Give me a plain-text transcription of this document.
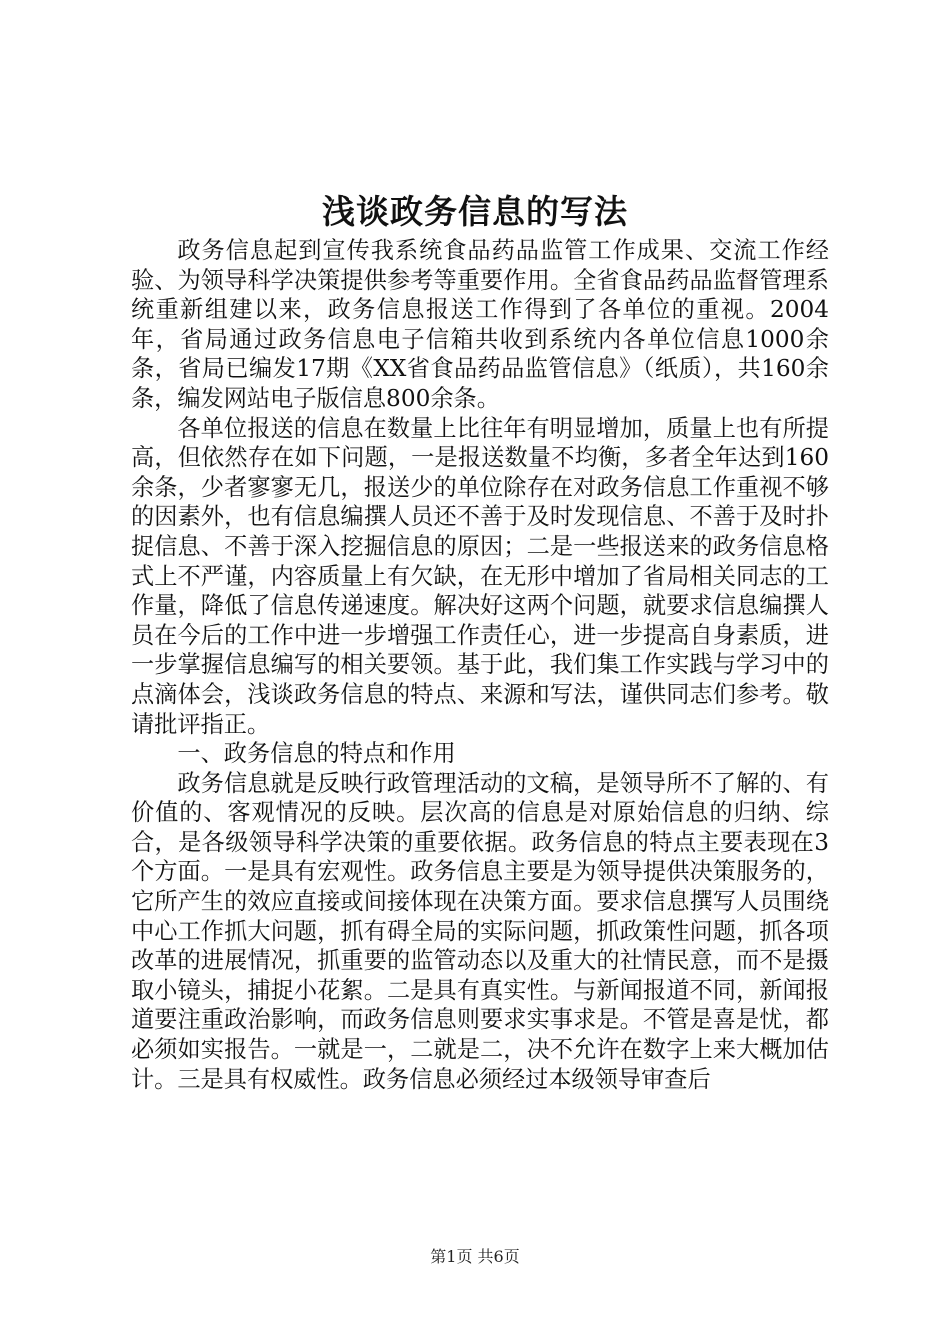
浅谈政务信息的写法

政务信息起到宣传我系统食品药品监管工作成果、交流工作经验、为领导科学决策提供参考等重要作用。全省食品药品监督管理系统重新组建以来，政务信息报送工作得到了各单位的重视。2004年，省局通过政务信息电子信箱共收到系统内各单位信息1000余条，省局已编发17期《XX省食品药品监管信息》（纸质），共160余条，编发网站电子版信息800余条。

各单位报送的信息在数量上比往年有明显增加，质量上也有所提高，但依然存在如下问题，一是报送数量不均衡，多者全年达到160余条，少者寥寥无几，报送少的单位除存在对政务信息工作重视不够的因素外，也有信息编撰人员还不善于及时发现信息、不善于及时扑捉信息、不善于深入挖掘信息的原因；二是一些报送来的政务信息格式上不严谨，内容质量上有欠缺，在无形中增加了省局相关同志的工作量，降低了信息传递速度。解决好这两个问题，就要求信息编撰人员在今后的工作中进一步增强工作责任心，进一步提高自身素质，进一步掌握信息编写的相关要领。基于此，我们集工作实践与学习中的点滴体会，浅谈政务信息的特点、来源和写法，谨供同志们参考。敬请批评指正。

一、政务信息的特点和作用

政务信息就是反映行政管理活动的文稿，是领导所不了解的、有价值的、客观情况的反映。层次高的信息是对原始信息的归纳、综合，是各级领导科学决策的重要依据。政务信息的特点主要表现在3个方面。一是具有宏观性。政务信息主要是为领导提供决策服务的，它所产生的效应直接或间接体现在决策方面。要求信息撰写人员围绕中心工作抓大问题，抓有碍全局的实际问题，抓政策性问题，抓各项改革的进展情况，抓重要的监管动态以及重大的社情民意，而不是摄取小镜头，捕捉小花絮。二是具有真实性。与新闻报道不同，新闻报道要注重政治影响，而政务信息则要求实事求是。不管是喜是忧，都必须如实报告。一就是一，二就是二，决不允许在数字上来大概加估计。三是具有权威性。政务信息必须经过本级领导审查后

第1页 共6页
